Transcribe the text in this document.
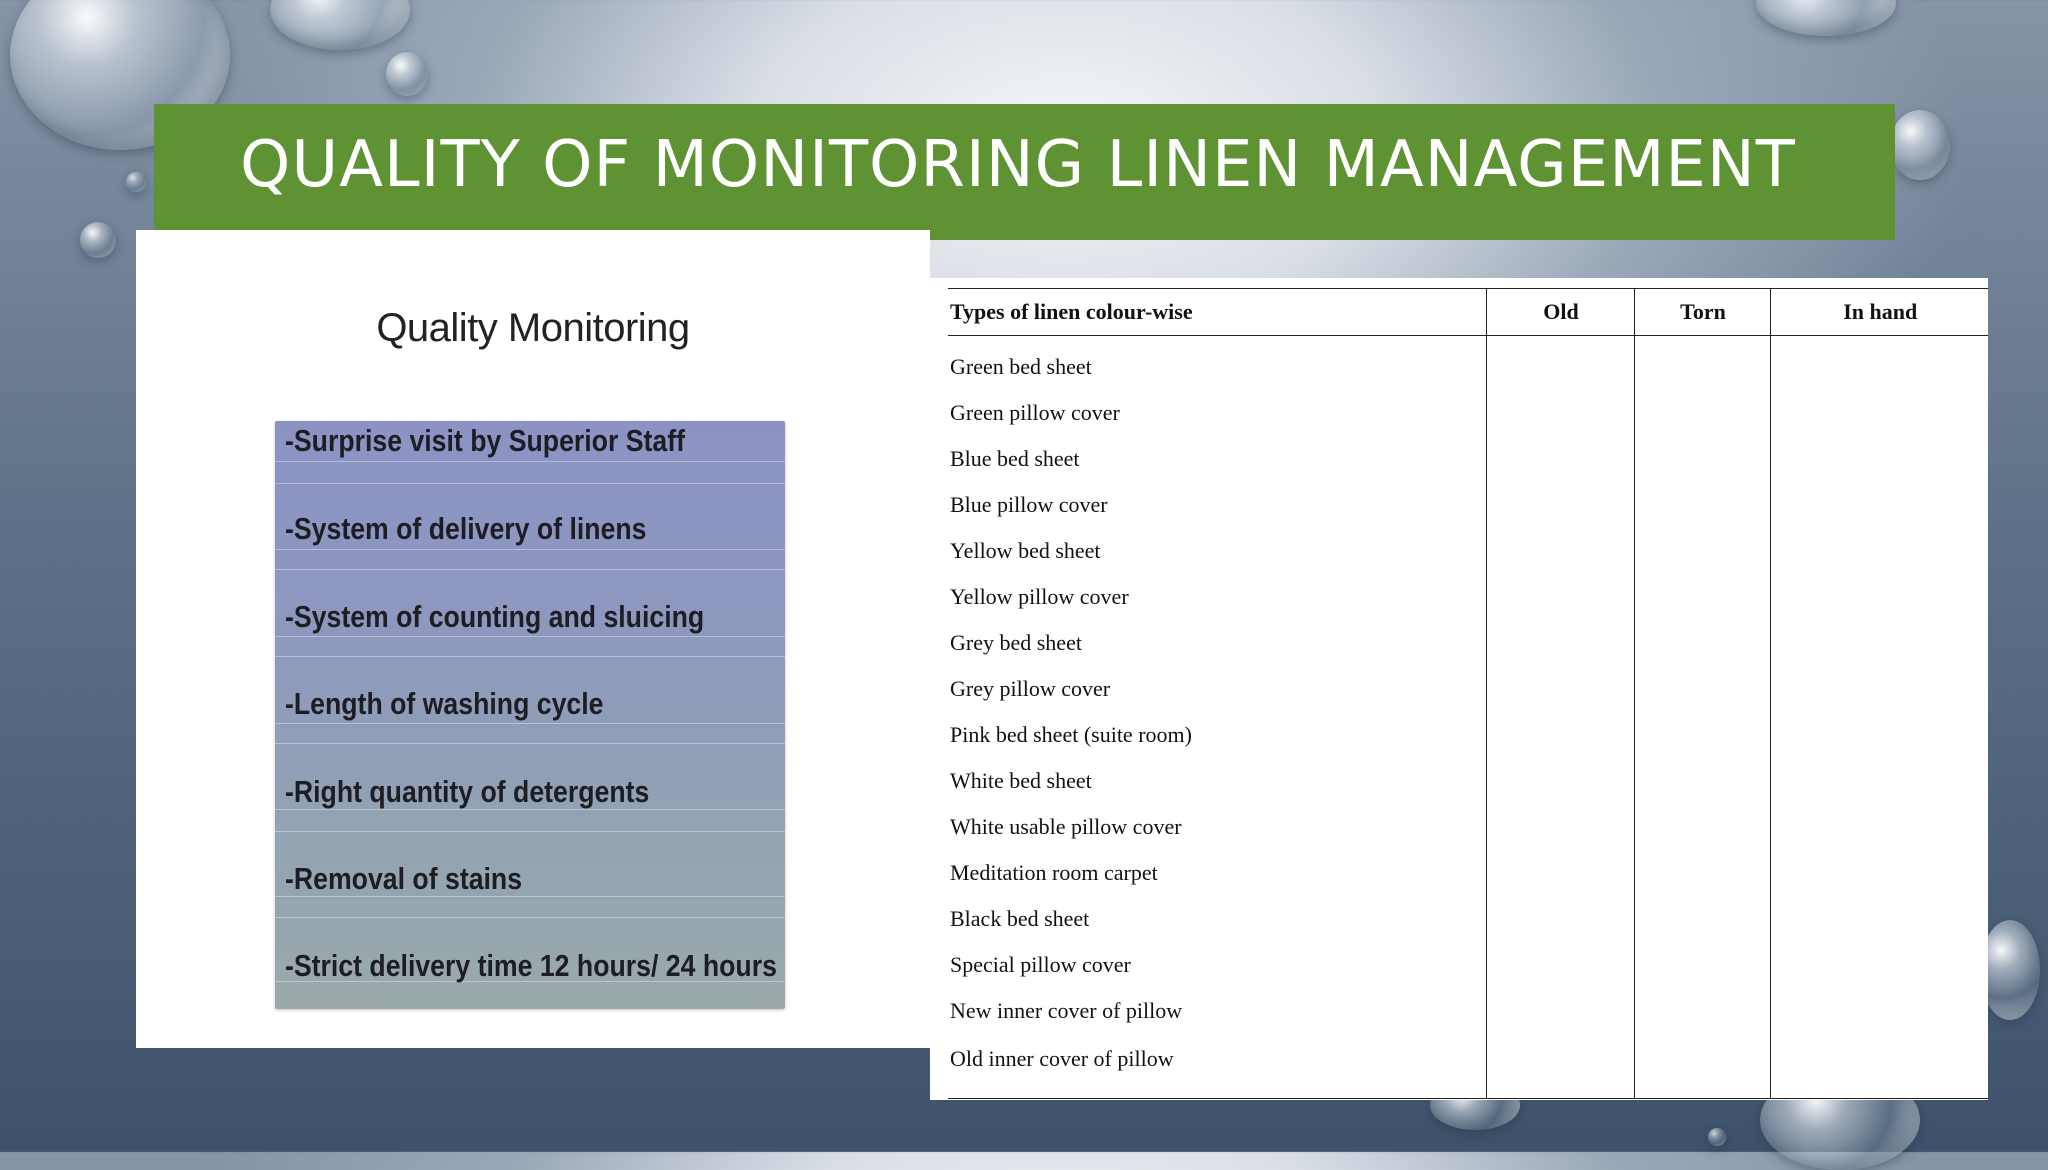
QUALITY OF MONITORING LINEN MANAGEMENT
Quality Monitoring
-Surprise visit by Superior Staff
-System of delivery of linens
-System of counting and sluicing
-Length of washing cycle
-Right quantity of detergents
-Removal of stains
-Strict delivery time 12 hours/ 24 hours
Types of linen colour-wise	Old	Torn	In hand
Green bed sheet			
Green pillow cover			
Blue bed sheet			
Blue pillow cover			
Yellow bed sheet			
Yellow pillow cover			
Grey bed sheet			
Grey pillow cover			
Pink bed sheet (suite room)			
White bed sheet			
White usable pillow cover			
Meditation room carpet			
Black bed sheet			
Special pillow cover			
New inner cover of pillow			
Old inner cover of pillow			
